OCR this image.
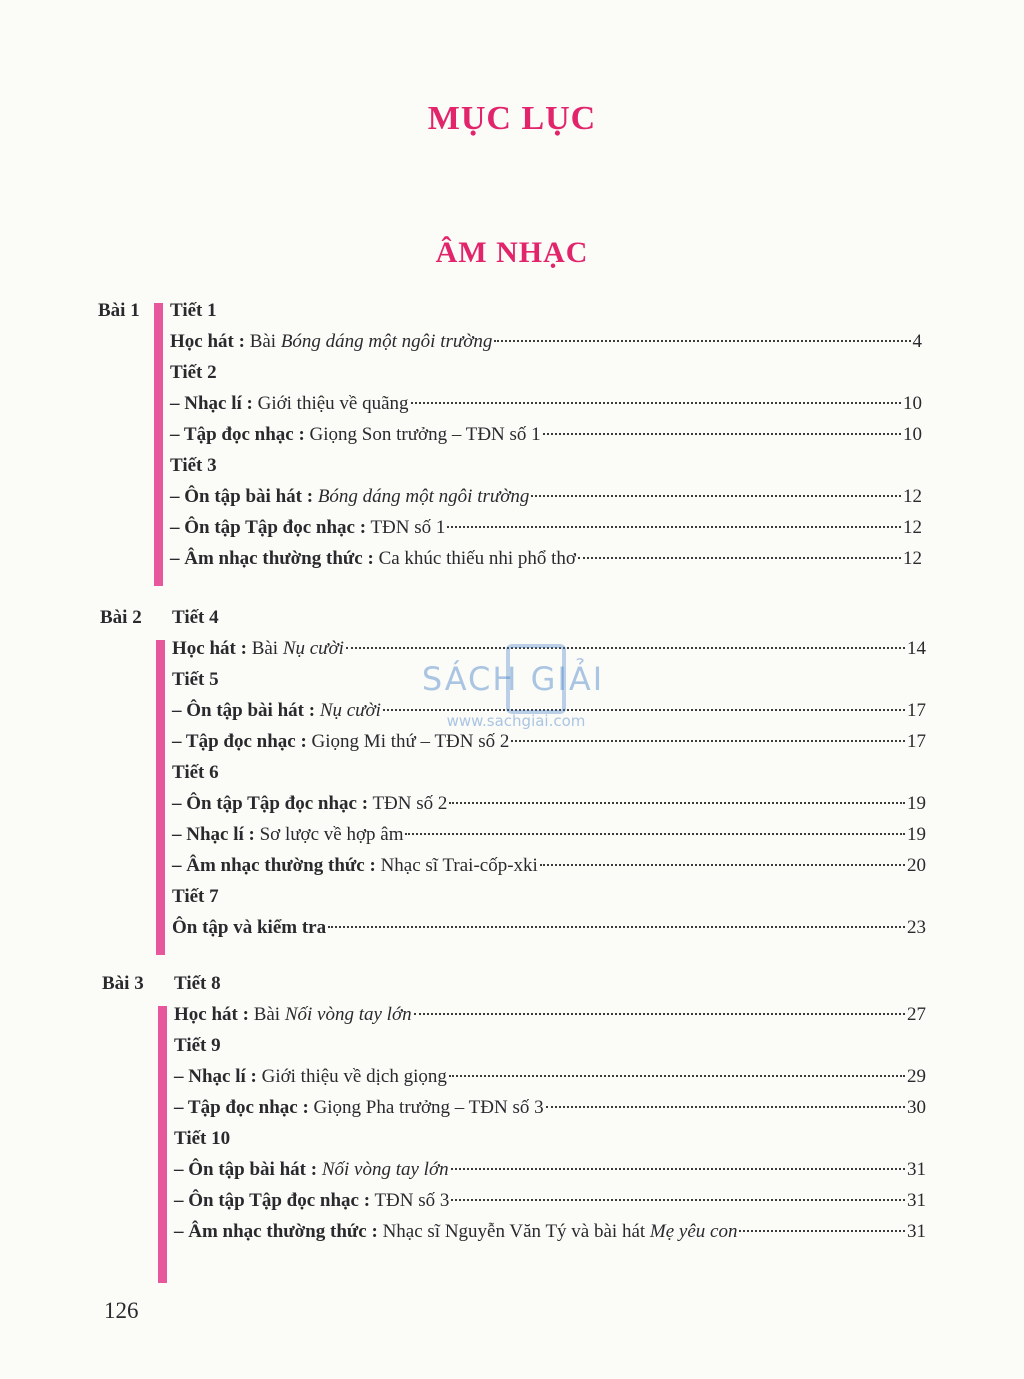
MỤC LỤC
ÂM NHẠC
Bài 1 Tiết 1
Học hát : Bài Bóng dáng một ngôi trường	4
Tiết 2
– Nhạc lí : Giới thiệu về quãng	10
– Tập đọc nhạc : Giọng Son trưởng – TĐN số 1	10
Tiết 3
– Ôn tập bài hát : Bóng dáng một ngôi trường	12
– Ôn tập Tập đọc nhạc : TĐN số 1	12
– Âm nhạc thường thức : Ca khúc thiếu nhi phổ thơ	12
Bài 2 Tiết 4
Học hát : Bài Nụ cười	14
Tiết 5
– Ôn tập bài hát : Nụ cười	17
– Tập đọc nhạc : Giọng Mi thứ – TĐN số 2	17
Tiết 6
– Ôn tập Tập đọc nhạc : TĐN số 2	19
– Nhạc lí : Sơ lược về hợp âm	19
– Âm nhạc thường thức : Nhạc sĩ Trai-cốp-xki	20
Tiết 7
Ôn tập và kiểm tra	23
Bài 3 Tiết 8
Học hát : Bài Nối vòng tay lớn	27
Tiết 9
– Nhạc lí : Giới thiệu về dịch giọng	29
– Tập đọc nhạc : Giọng Pha trưởng – TĐN số 3	30
Tiết 10
– Ôn tập bài hát : Nối vòng tay lớn	31
– Ôn tập Tập đọc nhạc : TĐN số 3	31
– Âm nhạc thường thức : Nhạc sĩ Nguyễn Văn Tý và bài hát Mẹ yêu con	31
SÁCH GIẢI
www.sachgiai.com
126
